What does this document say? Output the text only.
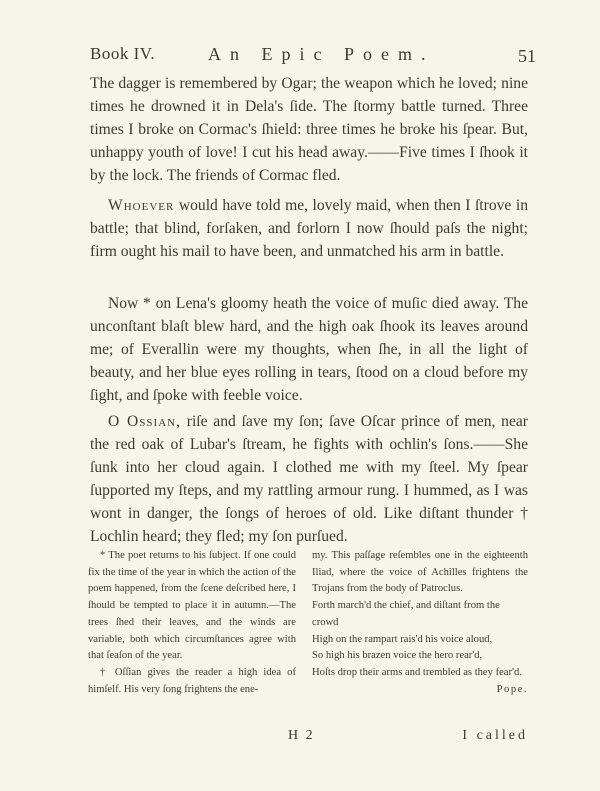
Book IV.	An Epic Poem.	51

The dagger is remembered by Ogar; the weapon which he loved; nine times he drowned it in Dela's ſide. The ſtormy battle turned. Three times I broke on Cormac's ſhield: three times he broke his ſpear. But, unhappy youth of love! I cut his head away.——Five times I ſhook it by the lock. The friends of Cormac fled.

Whoever would have told me, lovely maid, when then I ſtrove in battle; that blind, forſaken, and forlorn I now ſhould paſs the night; firm ought his mail to have been, and unmatched his arm in battle.

Now * on Lena's gloomy heath the voice of muſic died away. The unconſtant blaſt blew hard, and the high oak ſhook its leaves around me; of Everallin were my thoughts, when ſhe, in all the light of beauty, and her blue eyes rolling in tears, ſtood on a cloud before my ſight, and ſpoke with feeble voice.

O Ossian, riſe and ſave my ſon; ſave Oſcar prince of men, near the red oak of Lubar's ſtream, he fights with ochlin's ſons.——She ſunk into her cloud again. I clothed me with my ſteel. My ſpear ſupported my ſteps, and my rattling armour rung. I hummed, as I was wont in danger, the ſongs of heroes of old. Like diſtant thunder † Lochlin heard; they fled; my ſon purſued.

* The poet returns to his ſubject. If one could fix the time of the year in which the action of the poem happened, from the ſcene deſcribed here, I ſhould be tempted to place it in autumn.—The trees ſhed their leaves, and the winds are variable, both which circumſtances agree with that ſeaſon of the year.

† Oſſian gives the reader a high idea of himſelf. His very ſong frightens the ene-

my. This paſſage reſembles one in the eighteenth Iliad, where the voice of Achilles frightens the Trojans from the body of Patroclus.

Forth march'd the chief, and diſtant from the crowd
High on the rampart rais'd his voice aloud,
So high his brazen voice the hero rear'd,
Hoſts drop their arms and trembled as they fear'd.
Pope.
H 2	I called
